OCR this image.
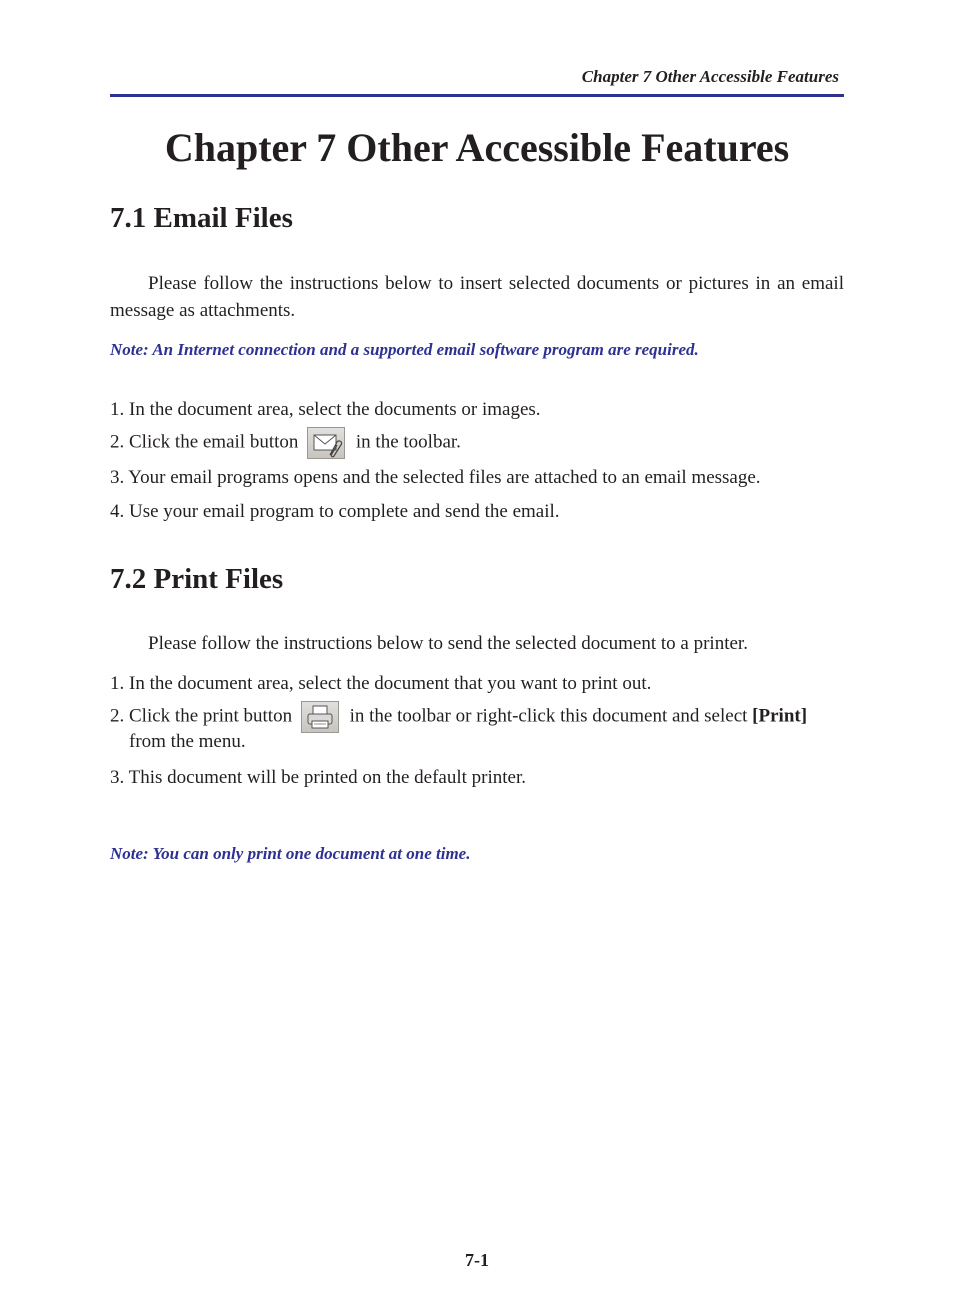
Chapter 7 Other Accessible Features
Chapter 7 Other Accessible Features
7.1 Email Files
Please follow the instructions below to insert selected documents or pictures in an email message as attachments.
Note: An Internet connection and a supported email software program are required.
1. In the document area, select the documents or images.
2. Click the email button	in the toolbar.
3. Your email programs opens and the selected files are attached to an email message.
4. Use your email program to complete and send the email.
7.2 Print Files
Please follow the instructions below to send the selected document to a printer.
1. In the document area, select the document that you want to print out.
2. Click the print button	in the toolbar or right-click this document and select [Print]
from the menu.
3. This document will be printed on the default printer.
Note: You can only print one document at one time.
7-1
